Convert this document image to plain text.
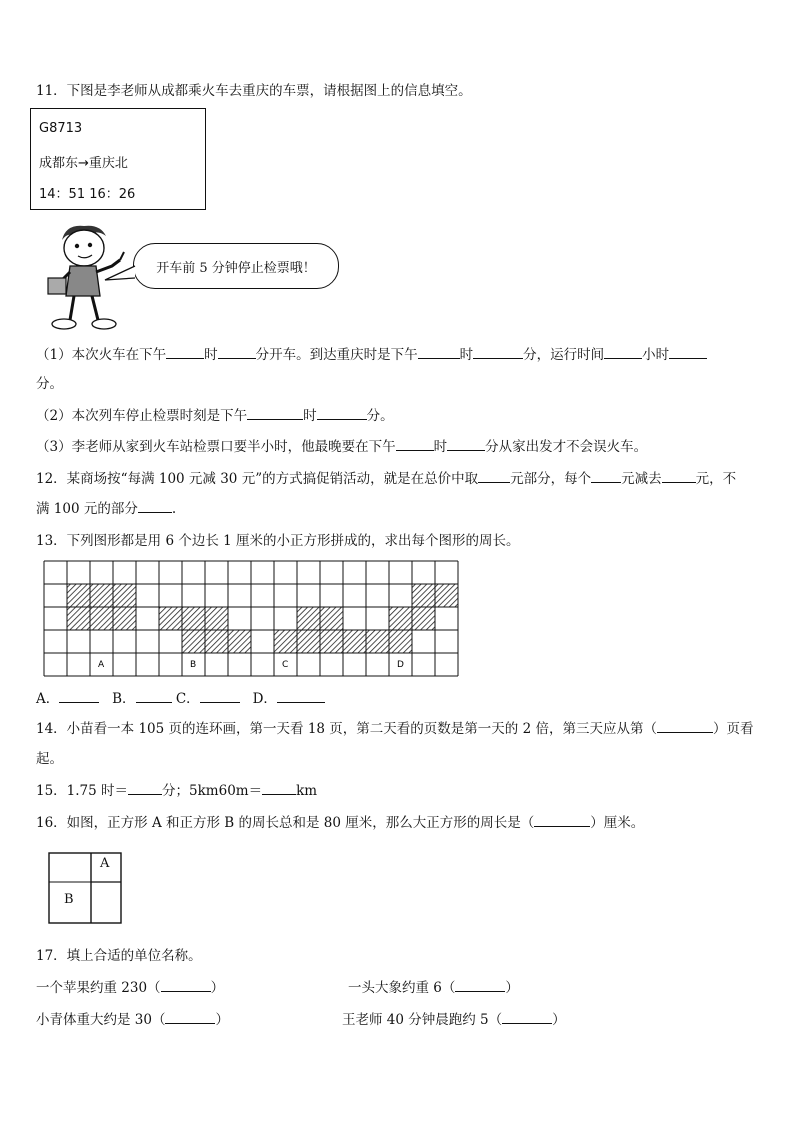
11．下图是李老师从成都乘火车去重庆的车票，请根据图上的信息填空。
G8713
成都东→重庆北
14：51 16：26
开车前 5 分钟停止检票哦！
（1）本次火车在下午	时	分开车。到达重庆时是下午	时	分，运行时间	小时
分。
（2）本次列车停止检票时刻是下午	时	分。
（3）李老师从家到火车站检票口要半小时，他最晚要在下午	时	分从家出发才不会误火车。
12．某商场按“每满 100 元减 30 元”的方式搞促销活动，就是在总价中取 元部分，每个 元减去	元，不
满 100 元的部分	.
13．下列图形都是用 6 个边长 1 厘米的小正方形拼成的，求出每个图形的周长。
A	B	C	D
A．	B．	C．	D．
14．小苗看一本 105 页的连环画，第一天看 18 页，第二天看的页数是第一天的 2 倍，第三天应从第（	）页看
起。
15．1.75 时＝	分；5km60m＝	km
16．如图，正方形 A 和正方形 B 的周长总和是 80 厘米，那么大正方形的周长是（	）厘米。
A
B
17．填上合适的单位名称。
一个苹果约重 230（	）	一头大象约重 6（	）
小青体重大约是 30（	）	王老师 40 分钟晨跑约 5（	）
